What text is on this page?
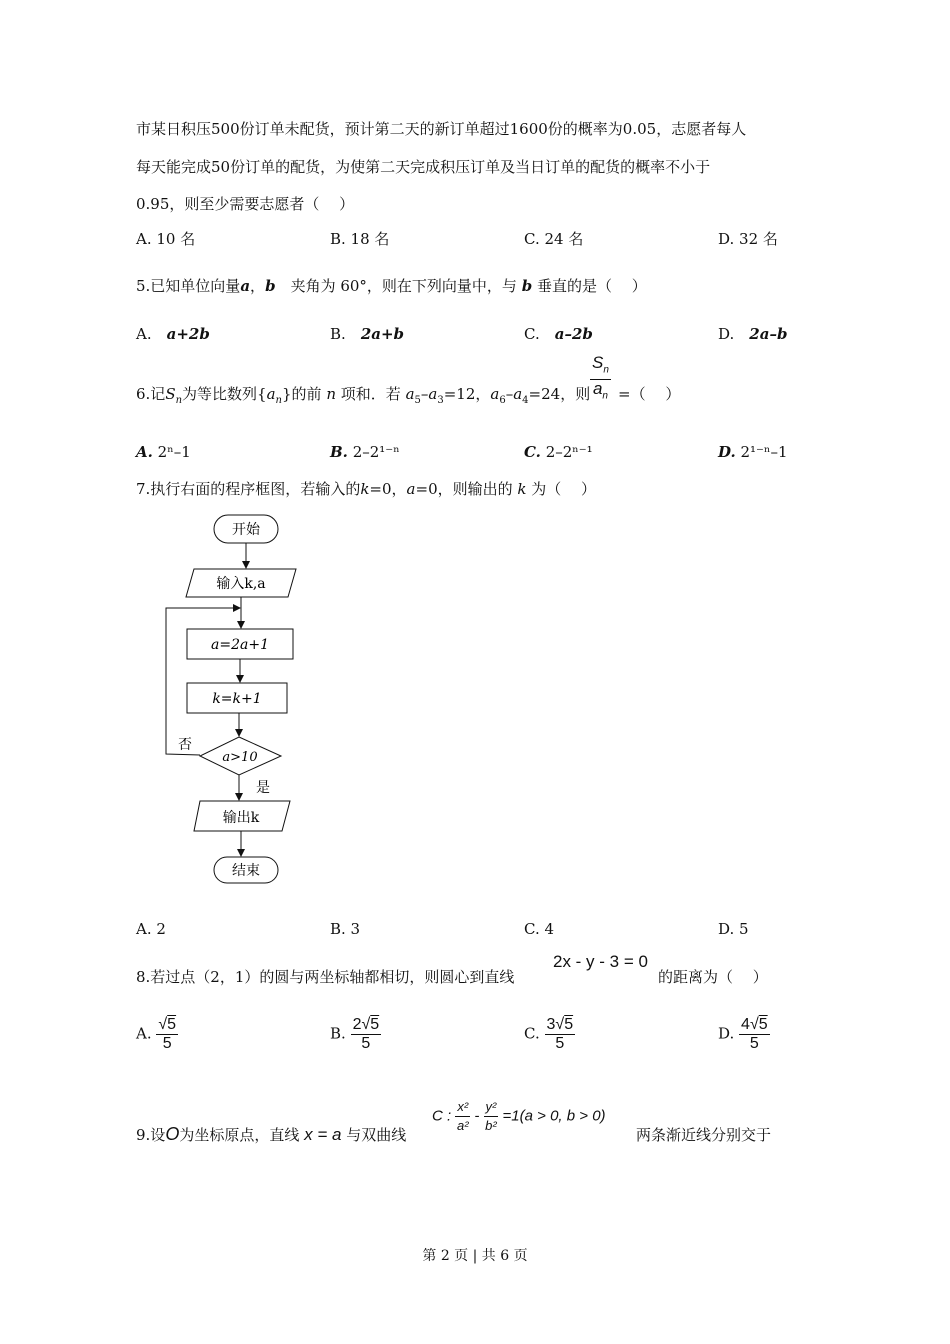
市某日积压500份订单未配货，预计第二天的新订单超过1600份的概率为0.05，志愿者每人
每天能完成50份订单的配货，为使第二天完成积压订单及当日订单的配货的概率不小于
0.95，则至少需要志愿者（　 ）
A. 10 名	B. 18 名	C. 24 名	D. 32 名
5.已知单位向量a，b　 夹角为 60°，则在下列向量中，与 b 垂直的是（　 ）
A.　 a+2b	B.　 2a+b	C.　 a–2b	D.　 2a–b
6.记$S_n$为等比数列$\{a_n\}$的前 n 项和．若 $a_5-a_3=12$，$a_6-a_4=24$，则 $\frac{S_n}{a_n}$ =（　 ）
A. 2ⁿ–1	B. 2–2¹⁻ⁿ	C. 2–2ⁿ⁻¹	D. 2¹⁻ⁿ–1
7.执行右面的程序框图，若输入的k=0，a=0，则输出的 k 为（　 ）
开始
输入k,a
a=2a+1
k=k+1
a>10
否
是
输出k
结束
A. 2	B. 3	C. 4	D. 5
8.若过点（2，1）的圆与两坐标轴都相切，则圆心到直线
2x - y - 3 = 0
的距离为（　 ）
A. $\frac{√5}{5}$	B. $\frac{2√5}{5}$	C. $\frac{3√5}{5}$	D. $\frac{4√5}{5}$
9.设O为坐标原点，直线 x = a 与双曲线
C : $\frac{\text{x²}}{\text{a²}} - \frac{\text{y²}}{\text{b²}} =1(a > 0$, b > 0)
两条渐近线分别交于
第 2 页 | 共 6 页
